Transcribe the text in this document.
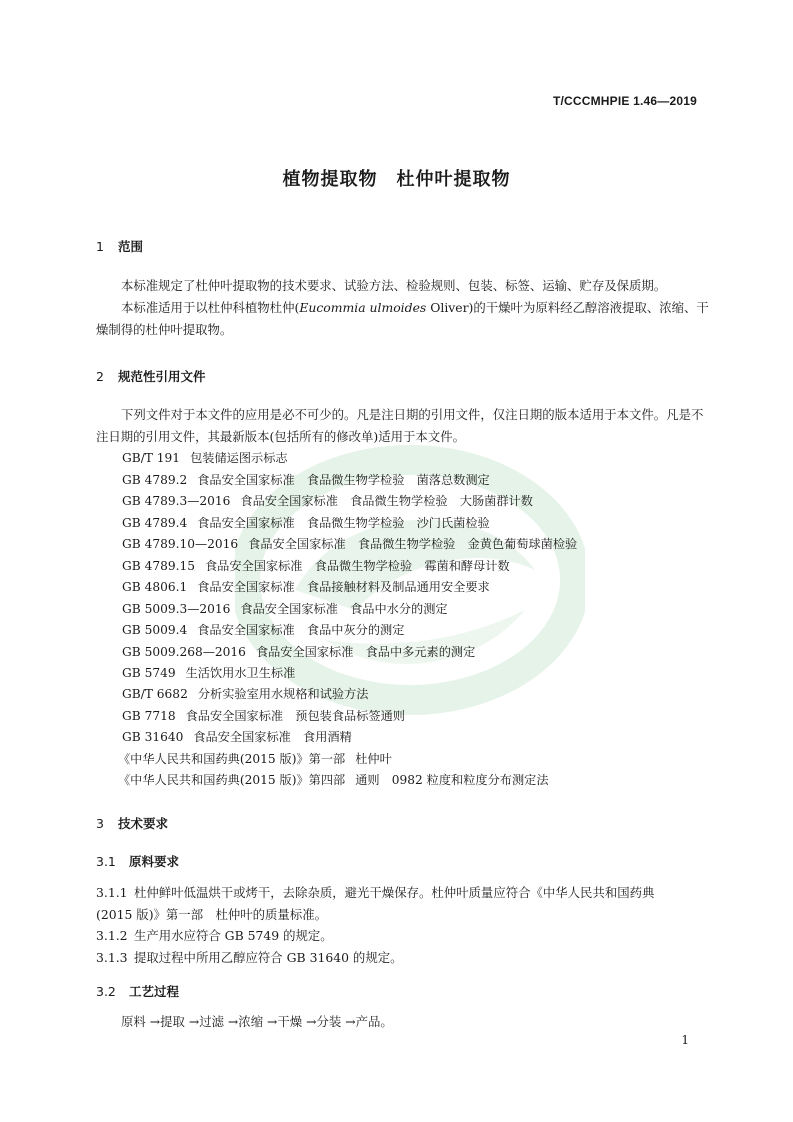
T/CCCMHPIE 1.46—2019
植物提取物　杜仲叶提取物
1 范围
本标准规定了杜仲叶提取物的技术要求、试验方法、检验规则、包装、标签、运输、贮存及保质期。
本标准适用于以杜仲科植物杜仲(Eucommia ulmoides Oliver)的干燥叶为原料经乙醇溶液提取、浓缩、干燥制得的杜仲叶提取物。
2 规范性引用文件
下列文件对于本文件的应用是必不可少的。凡是注日期的引用文件，仅注日期的版本适用于本文件。凡是不注日期的引用文件，其最新版本(包括所有的修改单)适用于本文件。
GB/T 191 包装储运图示标志
GB 4789.2 食品安全国家标准　食品微生物学检验　菌落总数测定
GB 4789.3—2016 食品安全国家标准　食品微生物学检验　大肠菌群计数
GB 4789.4 食品安全国家标准　食品微生物学检验　沙门氏菌检验
GB 4789.10—2016 食品安全国家标准　食品微生物学检验　金黄色葡萄球菌检验
GB 4789.15 食品安全国家标准　食品微生物学检验　霉菌和酵母计数
GB 4806.1 食品安全国家标准　食品接触材料及制品通用安全要求
GB 5009.3—2016 食品安全国家标准　食品中水分的测定
GB 5009.4 食品安全国家标准　食品中灰分的测定
GB 5009.268—2016 食品安全国家标准　食品中多元素的测定
GB 5749 生活饮用水卫生标准
GB/T 6682 分析实验室用水规格和试验方法
GB 7718 食品安全国家标准　预包装食品标签通则
GB 31640 食品安全国家标准　食用酒精
《中华人民共和国药典(2015 版)》第一部 杜仲叶
《中华人民共和国药典(2015 版)》第四部 通则　0982 粒度和粒度分布测定法
3 技术要求
3.1 原料要求
3.1.1 杜仲鲜叶低温烘干或烤干，去除杂质，避光干燥保存。杜仲叶质量应符合《中华人民共和国药典
(2015 版)》第一部　杜仲叶的质量标准。
3.1.2 生产用水应符合 GB 5749 的规定。
3.1.3 提取过程中所用乙醇应符合 GB 31640 的规定。
3.2 工艺过程
原料 →提取 →过滤 →浓缩 →干燥 →分装 →产品。
1
